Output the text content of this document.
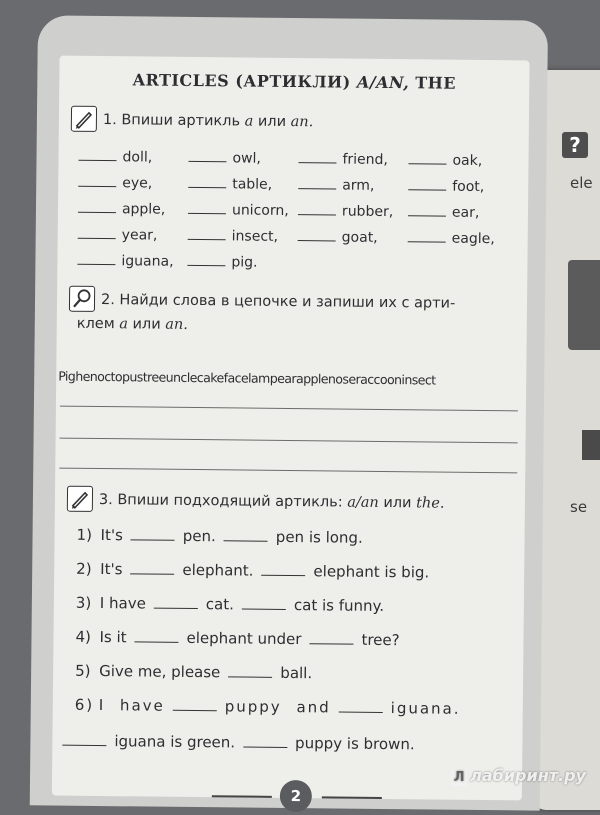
?
ele
se
ARTICLES (АРТИКЛИ) A/AN, THE
1. Впиши артикль a или an.
doll,	owl,	friend,	oak,
eye,	table,	arm,	foot,
apple,	unicorn,	rubber,	ear,
year,	insect,	goat,	eagle,
iguana,	pig.
2. Найди слова в цепочке и запиши их с арти-
клем a или an.
Pighenoctopustreeunclecakefacelampearapplenoseraccooninsect
3. Впиши подходящий артикль: a/an или the.
1) It's	pen.	pen is long.
2) It's	elephant.	elephant is big.
3) I have	cat.	cat is funny.
4) Is it	elephant under	tree?
5) Give me, please	ball.
6) I have	puppy and	iguana.
iguana is green.	puppy is brown.
2
Л лабиринт.ру
